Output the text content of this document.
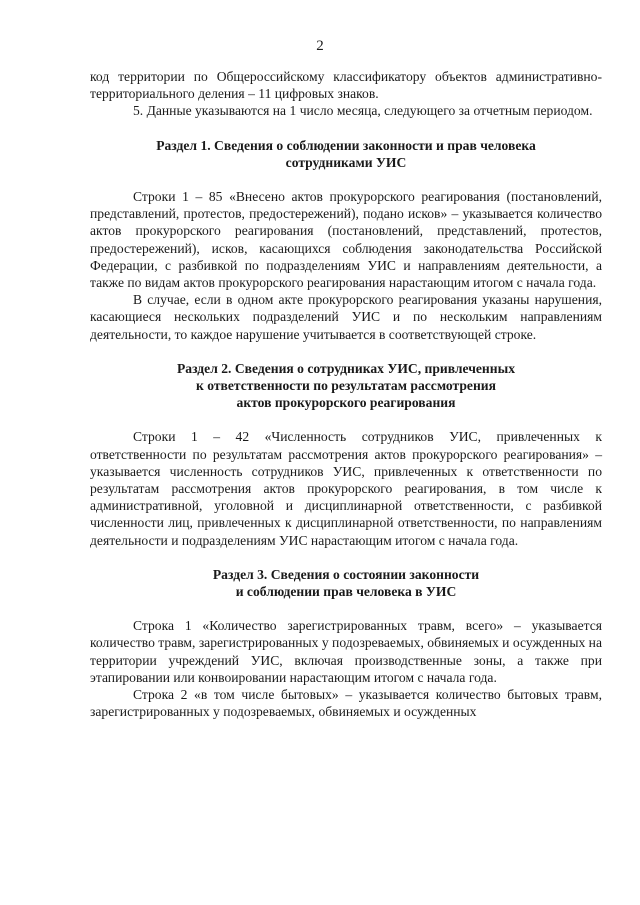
2

код территории по Общероссийскому классификатору объектов административно-территориального деления – 11 цифровых знаков.

5. Данные указываются на 1 число месяца, следующего за отчетным периодом.

Раздел 1. Сведения о соблюдении законности и прав человека
сотрудниками УИС

Строки 1 – 85 «Внесено актов прокурорского реагирования (постановлений, представлений, протестов, предостережений), подано исков» – указывается количество актов прокурорского реагирования (постановлений, представлений, протестов, предостережений), исков, касающихся соблюдения законодательства Российской Федерации, с разбивкой по подразделениям УИС и направлениям деятельности, а также по видам актов прокурорского реагирования нарастающим итогом с начала года.

В случае, если в одном акте прокурорского реагирования указаны нарушения, касающиеся нескольких подразделений УИС и по нескольким направлениям деятельности, то каждое нарушение учитывается в соответствующей строке.

Раздел 2. Сведения о сотрудниках УИС, привлеченных
к ответственности по результатам рассмотрения
актов прокурорского реагирования

Строки 1 – 42 «Численность сотрудников УИС, привлеченных к ответственности по результатам рассмотрения актов прокурорского реагирования» – указывается численность сотрудников УИС, привлеченных к ответственности по результатам рассмотрения актов прокурорского реагирования, в том числе к административной, уголовной и дисциплинарной ответственности, с разбивкой численности лиц, привлеченных к дисциплинарной ответственности, по направлениям деятельности и подразделениям УИС нарастающим итогом с начала года.

Раздел 3. Сведения о состоянии законности
и соблюдении прав человека в УИС

Строка 1 «Количество зарегистрированных травм, всего» – указывается количество травм, зарегистрированных у подозреваемых, обвиняемых и осужденных на территории учреждений УИС, включая производственные зоны, а также при этапировании или конвоировании нарастающим итогом с начала года.

Строка 2 «в том числе бытовых» – указывается количество бытовых травм, зарегистрированных у подозреваемых, обвиняемых и осужденных
